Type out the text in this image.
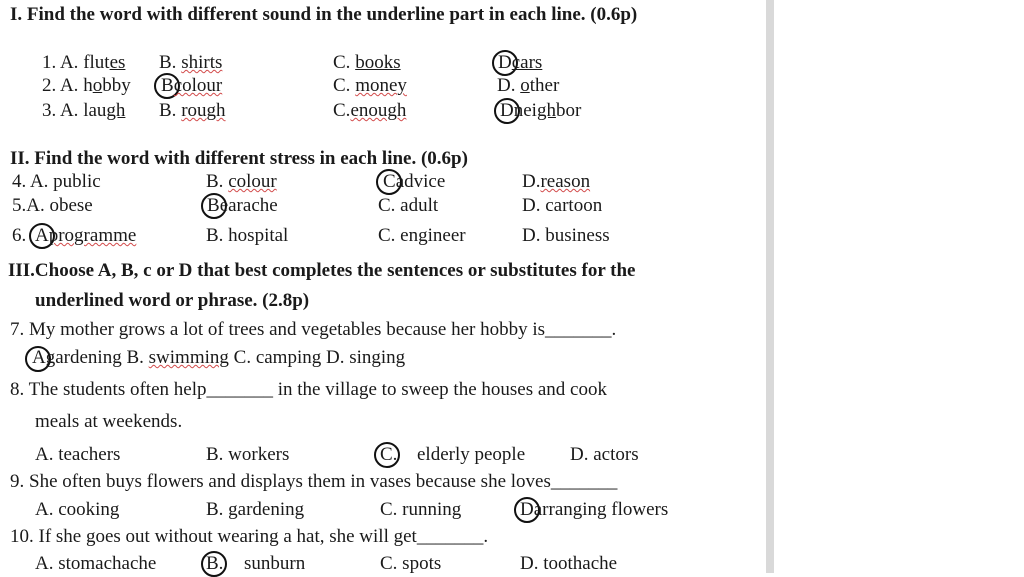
I. Find the word with different sound in the underline part in each line. (0.6p)
1. A. flutes B. shirts	C. books	Dcars
2. A. hobby Bcolour	C. money	D. other
3. A. laugh B. rough	C.enough	Dneighbor
II. Find the word with different stress in each line. (0.6p)
4. A. public	B. colour	Cadvice	D.reason
5.A. obese	Bearache	C. adult	D. cartoon
6. Aprogramme	B. hospital	C. engineer	D. business
III.Choose A, B, c or D that best completes the sentences or substitutes for the
underlined word or phrase. (2.8p)
7. My mother grows a lot of trees and vegetables because her hobby is_______.
Agardening B. swimming C. camping D. singing
8. The students often help_______ in the village to sweep the houses and cook
meals at weekends.
A. teachers	B. workers	C. elderly people D. actors
9. She often buys flowers and displays them in vases because she loves_______
A. cooking	B. gardening	C. running	Darranging flowers
10. If she goes out without wearing a hat, she will get_______.
A. stomachache	B. sunburn	C. spots	D. toothache
